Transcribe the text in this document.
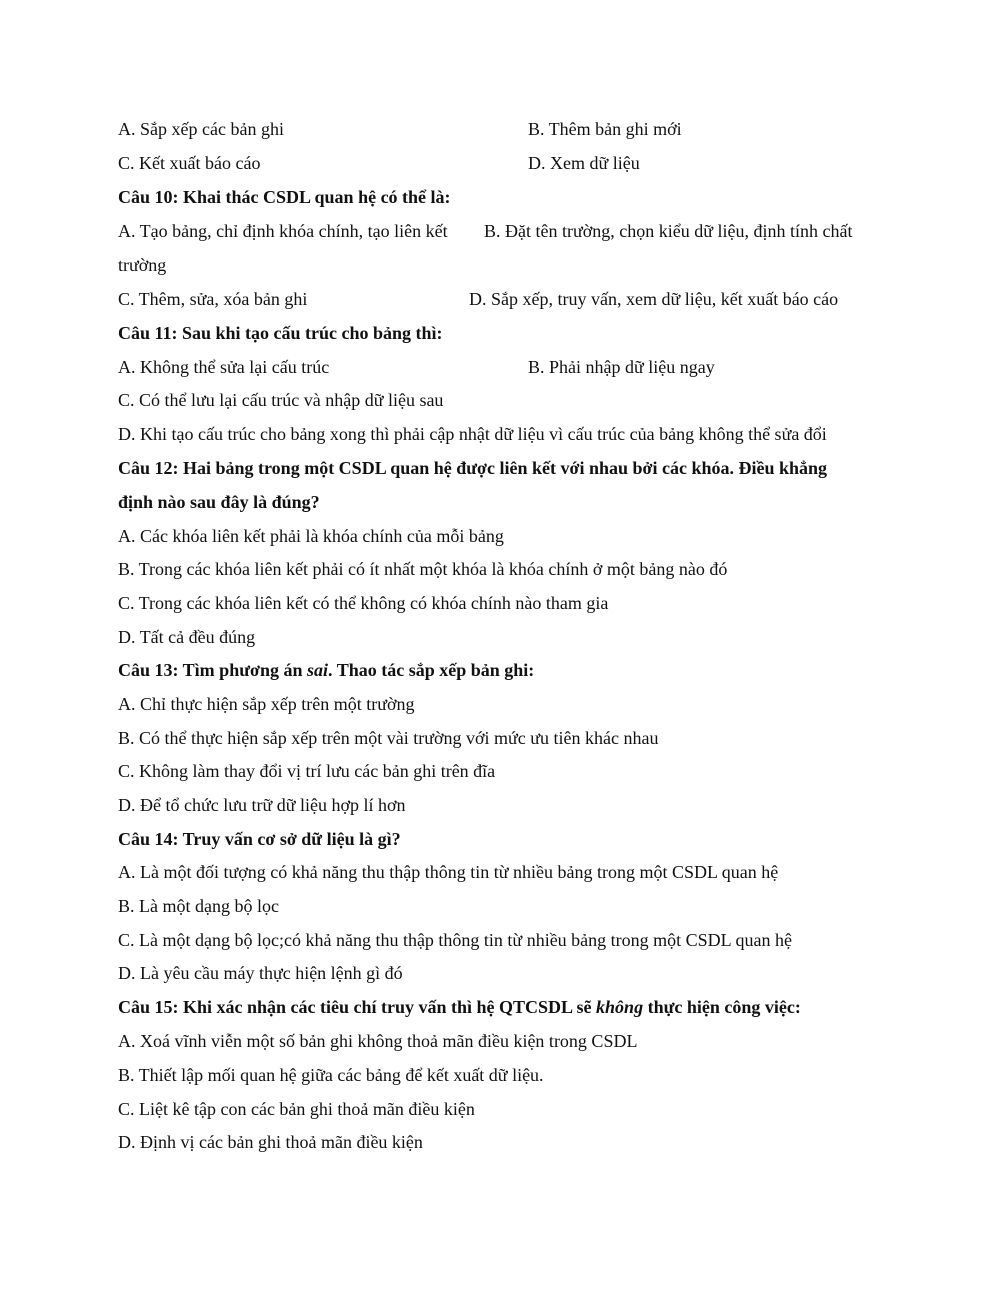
A. Sắp xếp các bản ghi	B. Thêm bản ghi mới
C. Kết xuất báo cáo	D. Xem dữ liệu
Câu 10: Khai thác CSDL quan hệ có thể là:
A. Tạo bảng, chỉ định khóa chính, tạo liên kết B. Đặt tên trường, chọn kiểu dữ liệu, định tính chất
trường
C. Thêm, sửa, xóa bản ghi	D. Sắp xếp, truy vấn, xem dữ liệu, kết xuất báo cáo
Câu 11: Sau khi tạo cấu trúc cho bảng thì:
A. Không thể sửa lại cấu trúc	B. Phải nhập dữ liệu ngay
C. Có thể lưu lại cấu trúc và nhập dữ liệu sau
D. Khi tạo cấu trúc cho bảng xong thì phải cập nhật dữ liệu vì cấu trúc của bảng không thể sửa đổi
Câu 12: Hai bảng trong một CSDL quan hệ được liên kết với nhau bởi các khóa. Điều khẳng
định nào sau đây là đúng?
A. Các khóa liên kết phải là khóa chính của mỗi bảng
B. Trong các khóa liên kết phải có ít nhất một khóa là khóa chính ở một bảng nào đó
C. Trong các khóa liên kết có thể không có khóa chính nào tham gia
D. Tất cả đều đúng
Câu 13: Tìm phương án sai. Thao tác sắp xếp bản ghi:
A. Chỉ thực hiện sắp xếp trên một trường
B. Có thể thực hiện sắp xếp trên một vài trường với mức ưu tiên khác nhau
C. Không làm thay đổi vị trí lưu các bản ghi trên đĩa
D. Để tổ chức lưu trữ dữ liệu hợp lí hơn
Câu 14: Truy vấn cơ sở dữ liệu là gì?
A. Là một đối tượng có khả năng thu thập thông tin từ nhiều bảng trong một CSDL quan hệ
B. Là một dạng bộ lọc
C. Là một dạng bộ lọc;có khả năng thu thập thông tin từ nhiều bảng trong một CSDL quan hệ
D. Là yêu cầu máy thực hiện lệnh gì đó
Câu 15: Khi xác nhận các tiêu chí truy vấn thì hệ QTCSDL sẽ không thực hiện công việc:
A. Xoá vĩnh viễn một số bản ghi không thoả mãn điều kiện trong CSDL
B. Thiết lập mối quan hệ giữa các bảng để kết xuất dữ liệu.
C. Liệt kê tập con các bản ghi thoả mãn điều kiện
D. Định vị các bản ghi thoả mãn điều kiện
